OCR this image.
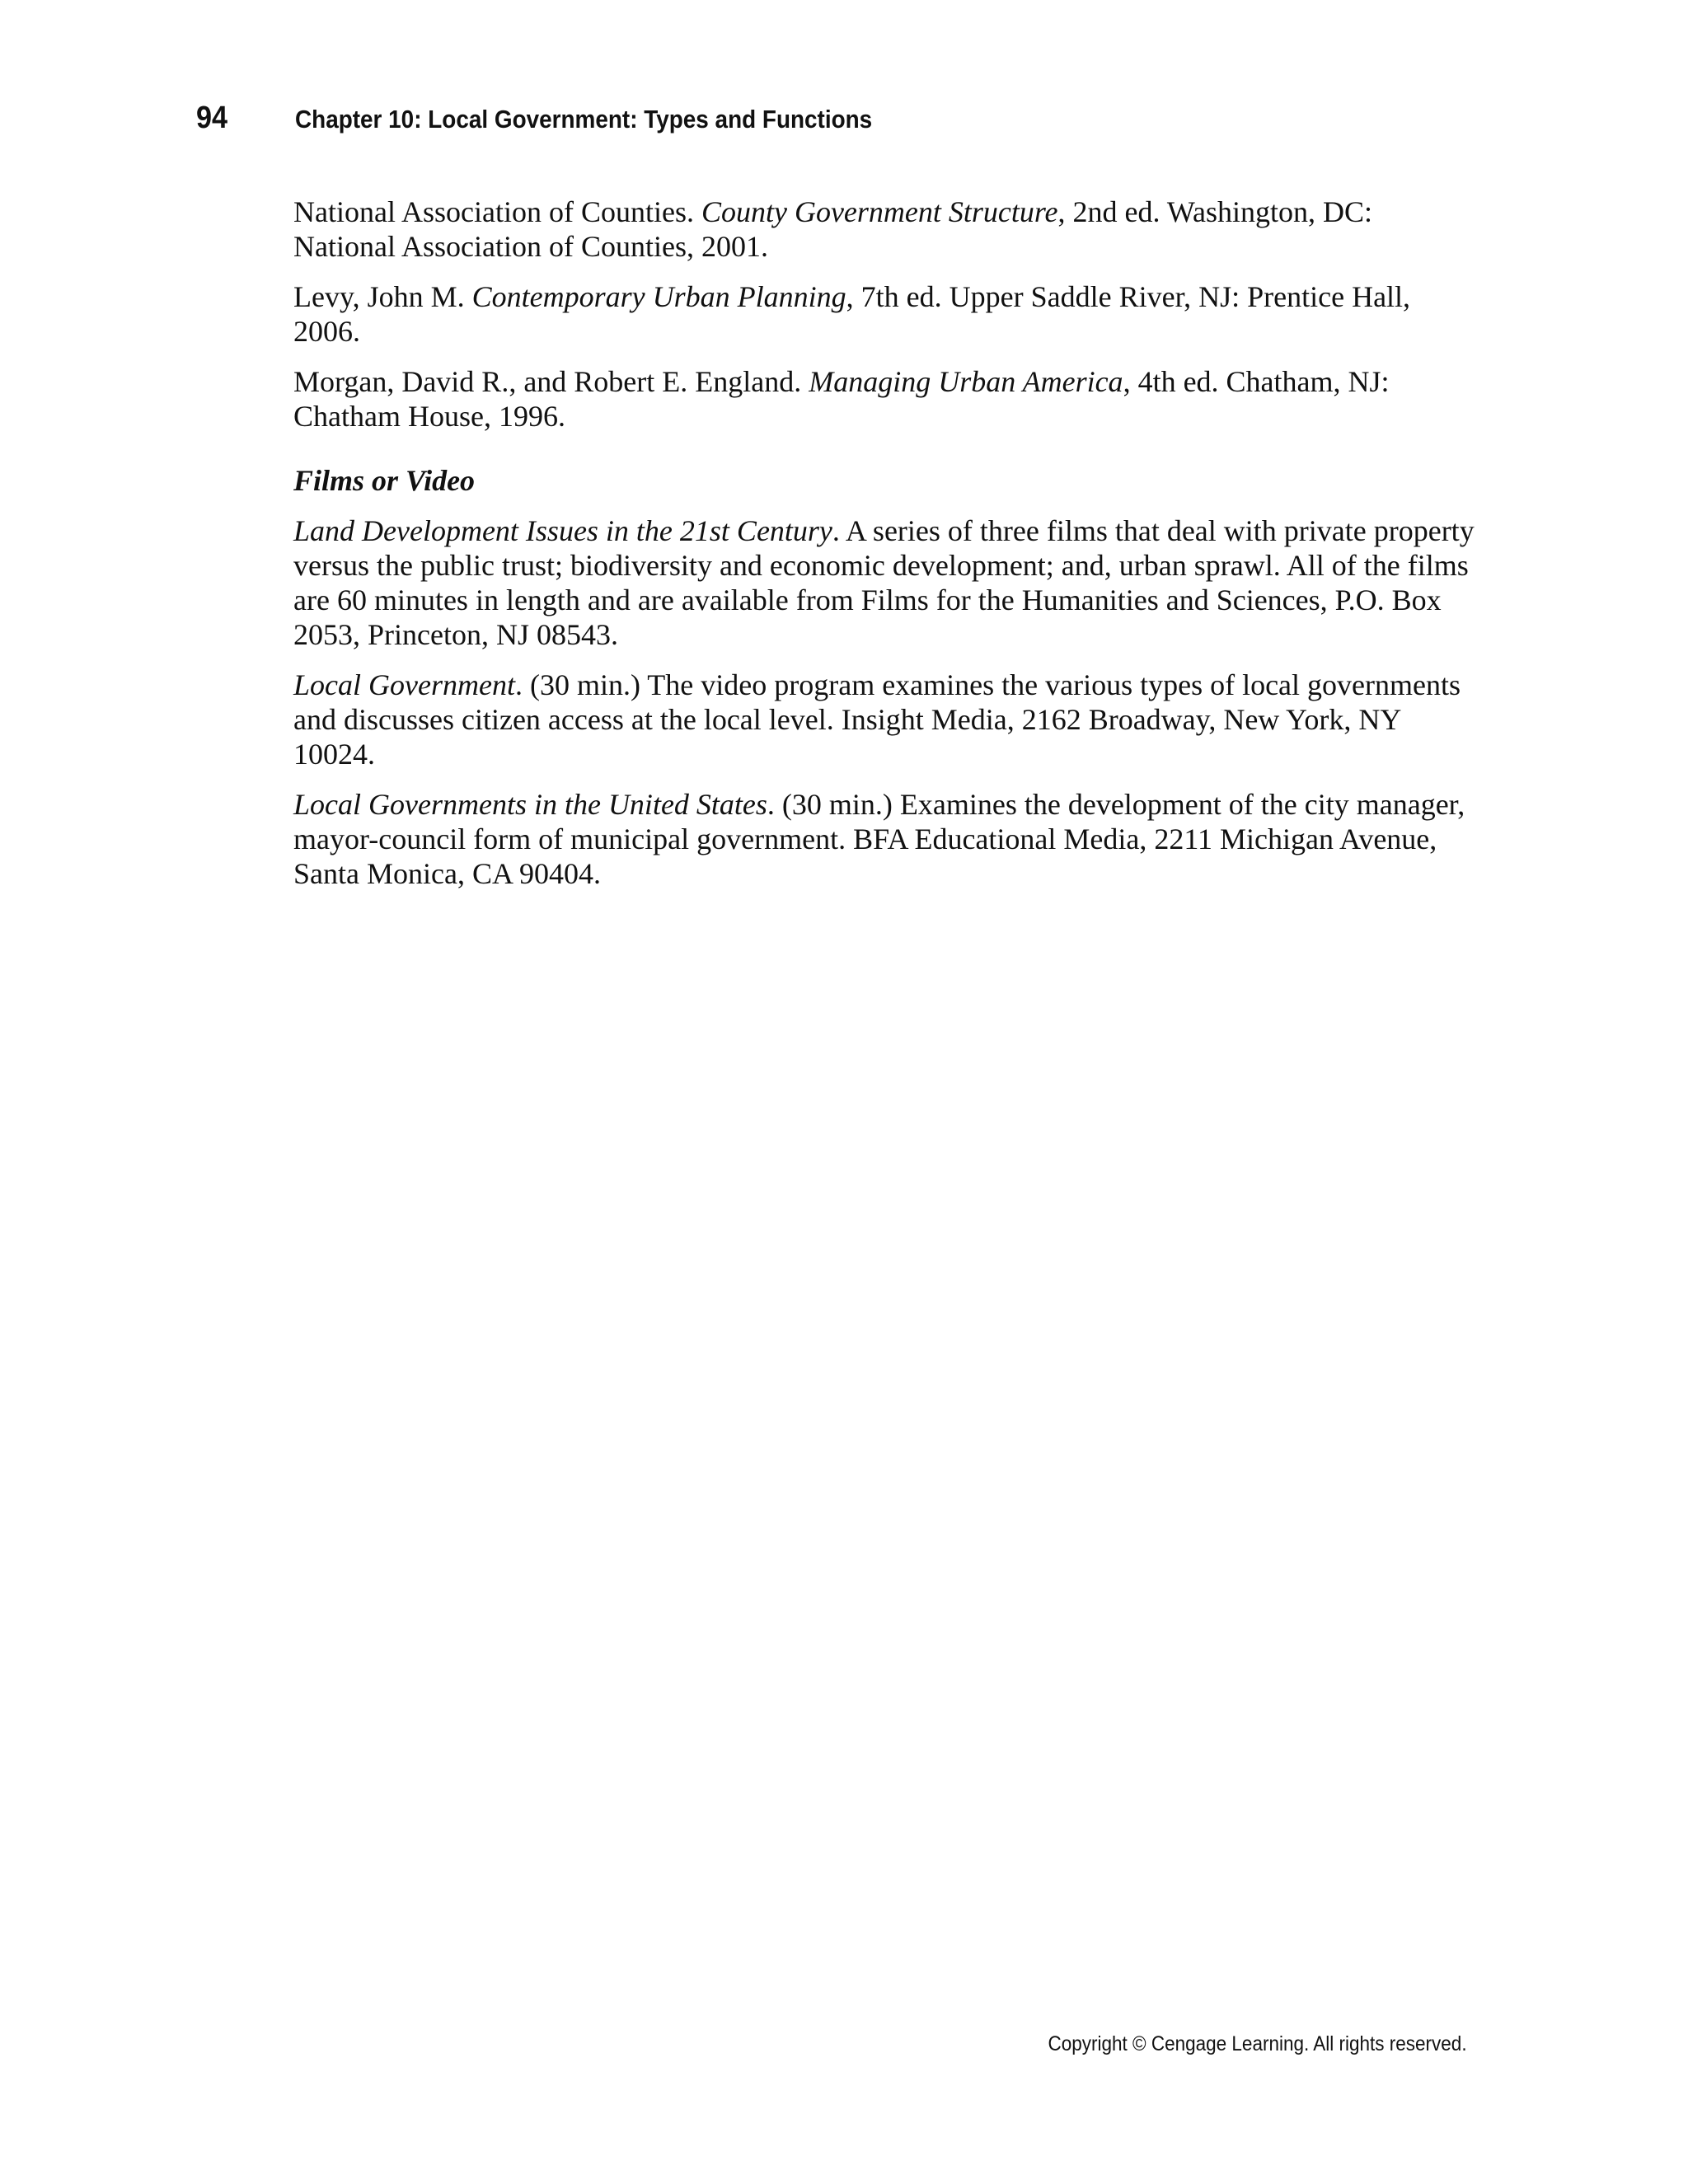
94	Chapter 10: Local Government: Types and Functions

National Association of Counties. County Government Structure, 2nd ed. Washington, DC: National Association of Counties, 2001.

Levy, John M. Contemporary Urban Planning, 7th ed. Upper Saddle River, NJ: Prentice Hall, 2006.

Morgan, David R., and Robert E. England. Managing Urban America, 4th ed. Chatham, NJ: Chatham House, 1996.

Films or Video

Land Development Issues in the 21st Century. A series of three films that deal with private property versus the public trust; biodiversity and economic development; and, urban sprawl. All of the films are 60 minutes in length and are available from Films for the Humanities and Sciences, P.O. Box 2053, Princeton, NJ 08543.

Local Government. (30 min.) The video program examines the various types of local governments and discusses citizen access at the local level. Insight Media, 2162 Broadway, New York, NY 10024.

Local Governments in the United States. (30 min.) Examines the development of the city manager, mayor-council form of municipal government. BFA Educational Media, 2211 Michigan Avenue, Santa Monica, CA 90404.

Copyright © Cengage Learning. All rights reserved.
